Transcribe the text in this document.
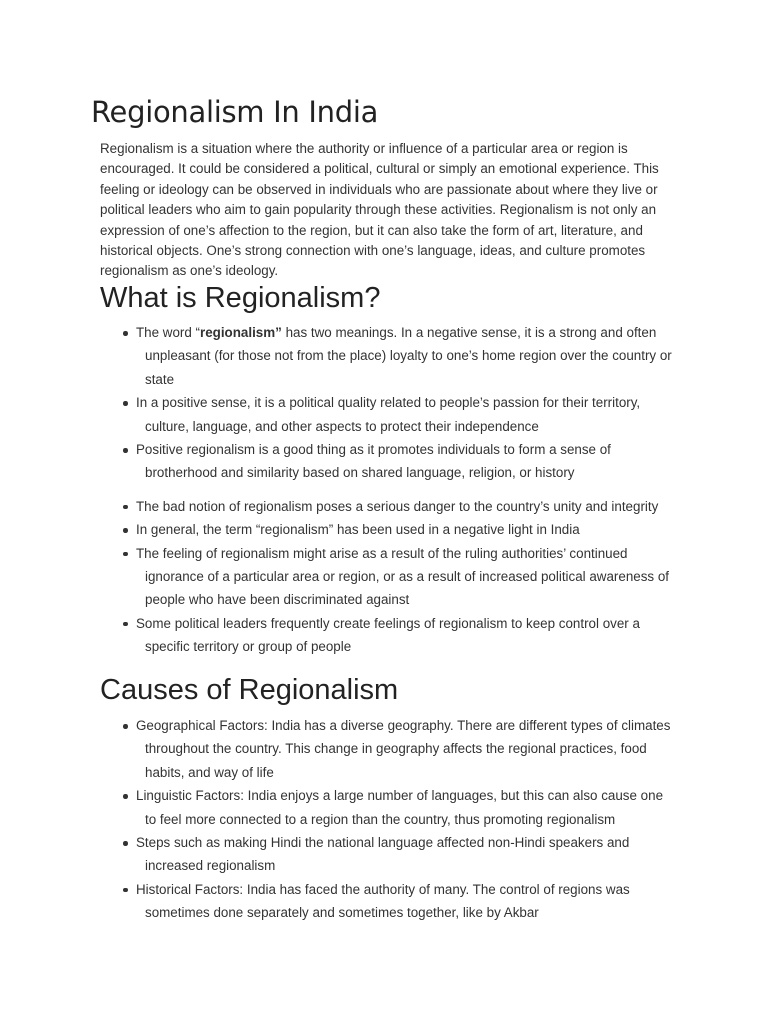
Regionalism In India

Regionalism is a situation where the authority or influence of a particular area or region is encouraged. It could be considered a political, cultural or simply an emotional experience. This feeling or ideology can be observed in individuals who are passionate about where they live or political leaders who aim to gain popularity through these activities. Regionalism is not only an expression of one’s affection to the region, but it can also take the form of art, literature, and historical objects. One’s strong connection with one’s language, ideas, and culture promotes regionalism as one’s ideology.

What is Regionalism?
The word “regionalism” has two meanings. In a negative sense, it is a strong and often
unpleasant (for those not from the place) loyalty to one’s home region over the country or
state
In a positive sense, it is a political quality related to people’s passion for their territory,
culture, language, and other aspects to protect their independence
Positive regionalism is a good thing as it promotes individuals to form a sense of
brotherhood and similarity based on shared language, religion, or history
The bad notion of regionalism poses a serious danger to the country’s unity and integrity
In general, the term “regionalism” has been used in a negative light in India
The feeling of regionalism might arise as a result of the ruling authorities’ continued
ignorance of a particular area or region, or as a result of increased political awareness of
people who have been discriminated against
Some political leaders frequently create feelings of regionalism to keep control over a
specific territory or group of people
Causes of Regionalism
Geographical Factors: India has a diverse geography. There are different types of climates
throughout the country. This change in geography affects the regional practices, food
habits, and way of life
Linguistic Factors: India enjoys a large number of languages, but this can also cause one
to feel more connected to a region than the country, thus promoting regionalism
Steps such as making Hindi the national language affected non-Hindi speakers and
increased regionalism
Historical Factors: India has faced the authority of many. The control of regions was
sometimes done separately and sometimes together, like by Akbar
